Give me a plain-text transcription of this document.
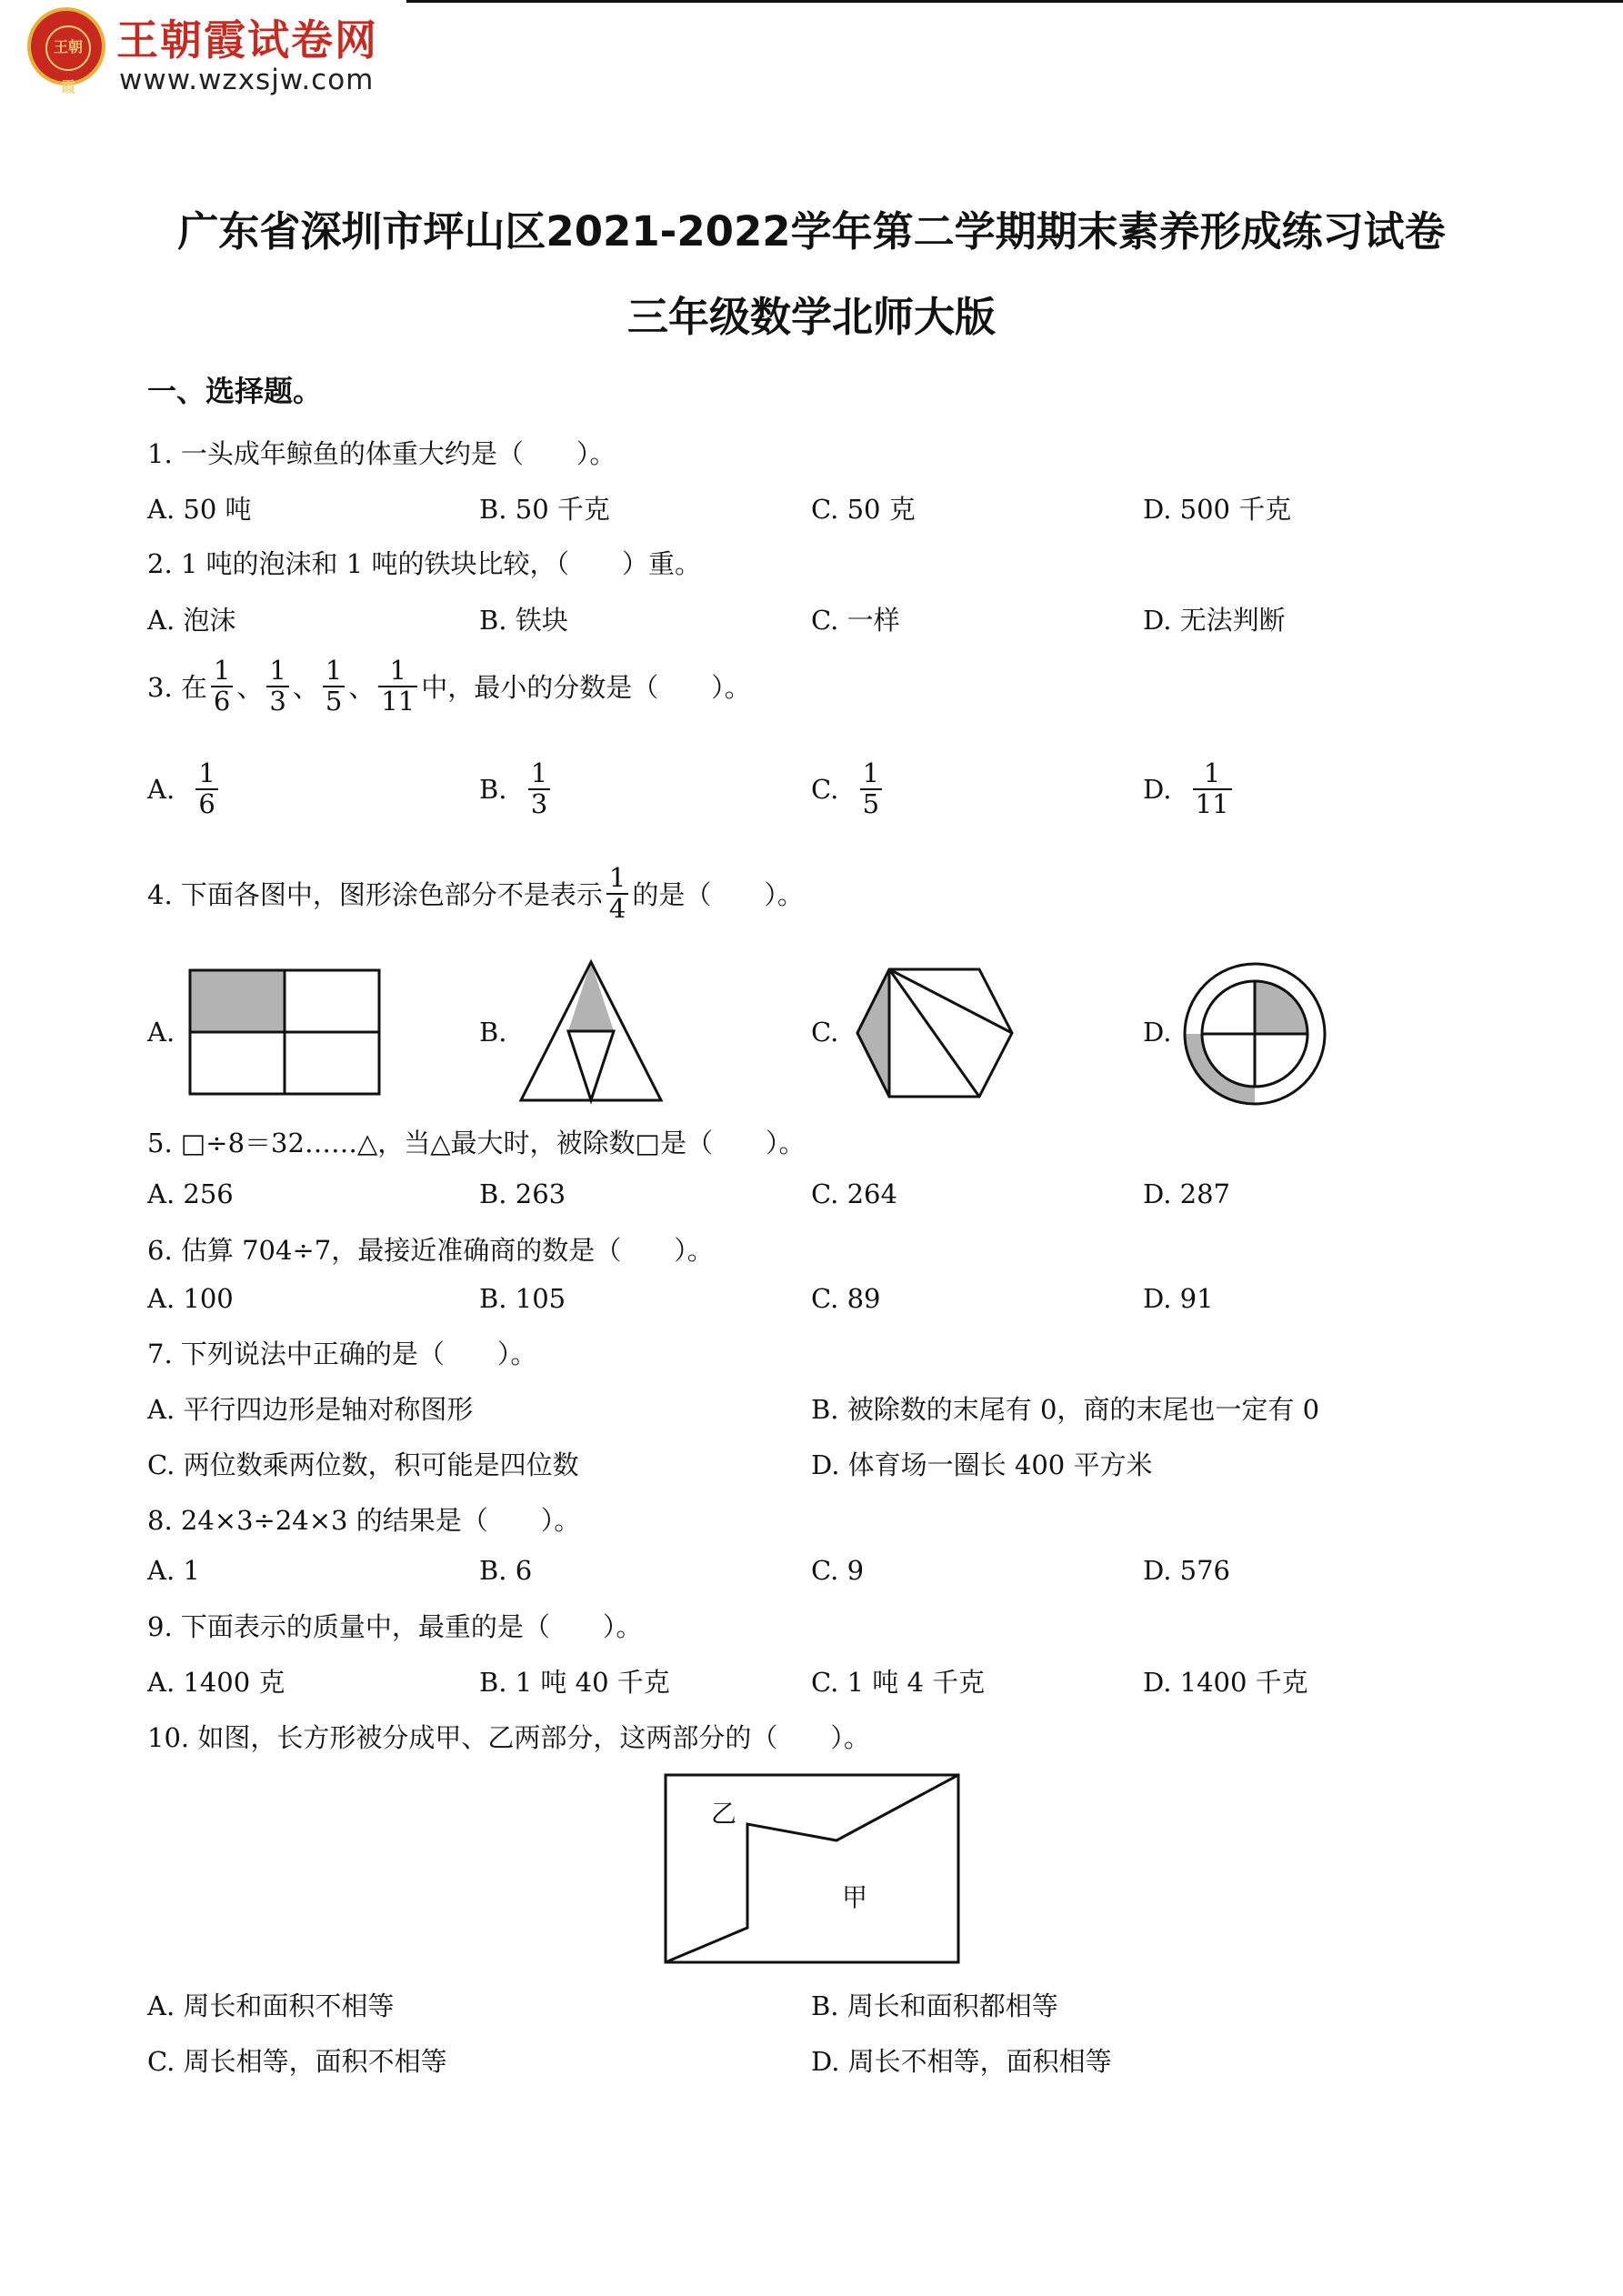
王朝霞
王朝霞试卷网
www.wzxsjw.com
广东省深圳市坪山区2021-2022学年第二学期期末素养形成练习试卷
三年级数学北师大版
一、选择题。
1. 一头成年鲸鱼的体重大约是（　　）。
A. 50 吨	B. 50 千克	C. 50 克	D. 500 千克
2. 1 吨的泡沫和 1 吨的铁块比较，（　　）重。
A. 泡沫	B. 铁块	C. 一样	D. 无法判断
3. 在 $\frac{1}{6}$ 、 $\frac{1}{3}$ 、 $\frac{1}{5}$ 、 $\frac{1}{11}$ 中，最小的分数是（　　）。
A. $\frac{1}{6}$	B. $\frac{1}{3}$	C. $\frac{1}{5}$	D. $\frac{1}{11}$
4. 下面各图中，图形涂色部分不是表示 $\frac{1}{4}$ 的是（　　）。
A.	B.	C.	D.
5. □÷8＝32……△，当△最大时，被除数□是（　　）。
A. 256	B. 263	C. 264	D. 287
6. 估算 704÷7，最接近准确商的数是（　　）。
A. 100	B. 105	C. 89	D. 91
7. 下列说法中正确的是（　　）。
A. 平行四边形是轴对称图形	B. 被除数的末尾有 0，商的末尾也一定有 0
C. 两位数乘两位数，积可能是四位数	D. 体育场一圈长 400 平方米
8. 24×3÷24×3 的结果是（　　）。
A. 1	B. 6	C. 9	D. 576
9. 下面表示的质量中，最重的是（　　）。
A. 1400 克	B. 1 吨 40 千克	C. 1 吨 4 千克	D. 1400 千克
10. 如图，长方形被分成甲、乙两部分，这两部分的（　　）。
乙
甲
A. 周长和面积不相等	B. 周长和面积都相等
C. 周长相等，面积不相等	D. 周长不相等，面积相等
